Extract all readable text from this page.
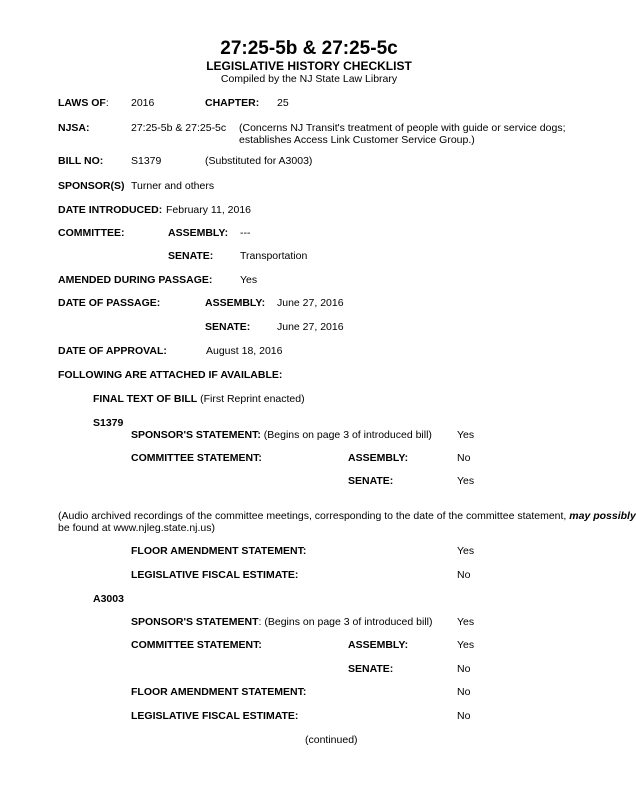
27:25-5b & 27:25-5c
LEGISLATIVE HISTORY CHECKLIST
Compiled by the NJ State Law Library
LAWS OF: 2016	CHAPTER: 25
NJSA:	27:25-5b & 27:25-5c (Concerns NJ Transit's treatment of people with guide or service dogs;
establishes Access Link Customer Service Group.)
BILL NO:	S1379	(Substituted for A3003)
SPONSOR(S) Turner and others
DATE INTRODUCED: February 11, 2016
COMMITTEE:	ASSEMBLY: ---
SENATE:	Transportation
AMENDED DURING PASSAGE:	Yes
DATE OF PASSAGE:	ASSEMBLY: June 27, 2016
SENATE:	June 27, 2016
DATE OF APPROVAL:	August 18, 2016
FOLLOWING ARE ATTACHED IF AVAILABLE:
FINAL TEXT OF BILL (First Reprint enacted)
S1379
SPONSOR'S STATEMENT: (Begins on page 3 of introduced bill) Yes
COMMITTEE STATEMENT:	ASSEMBLY:	No
SENATE:	Yes
(Audio archived recordings of the committee meetings, corresponding to the date of the committee statement, may possibly
be found at www.njleg.state.nj.us)
FLOOR AMENDMENT STATEMENT:	Yes
LEGISLATIVE FISCAL ESTIMATE:	No
A3003
SPONSOR'S STATEMENT: (Begins on page 3 of introduced bill) Yes
COMMITTEE STATEMENT:	ASSEMBLY:	Yes
SENATE:	No
FLOOR AMENDMENT STATEMENT:	No
LEGISLATIVE FISCAL ESTIMATE:	No
(continued)
